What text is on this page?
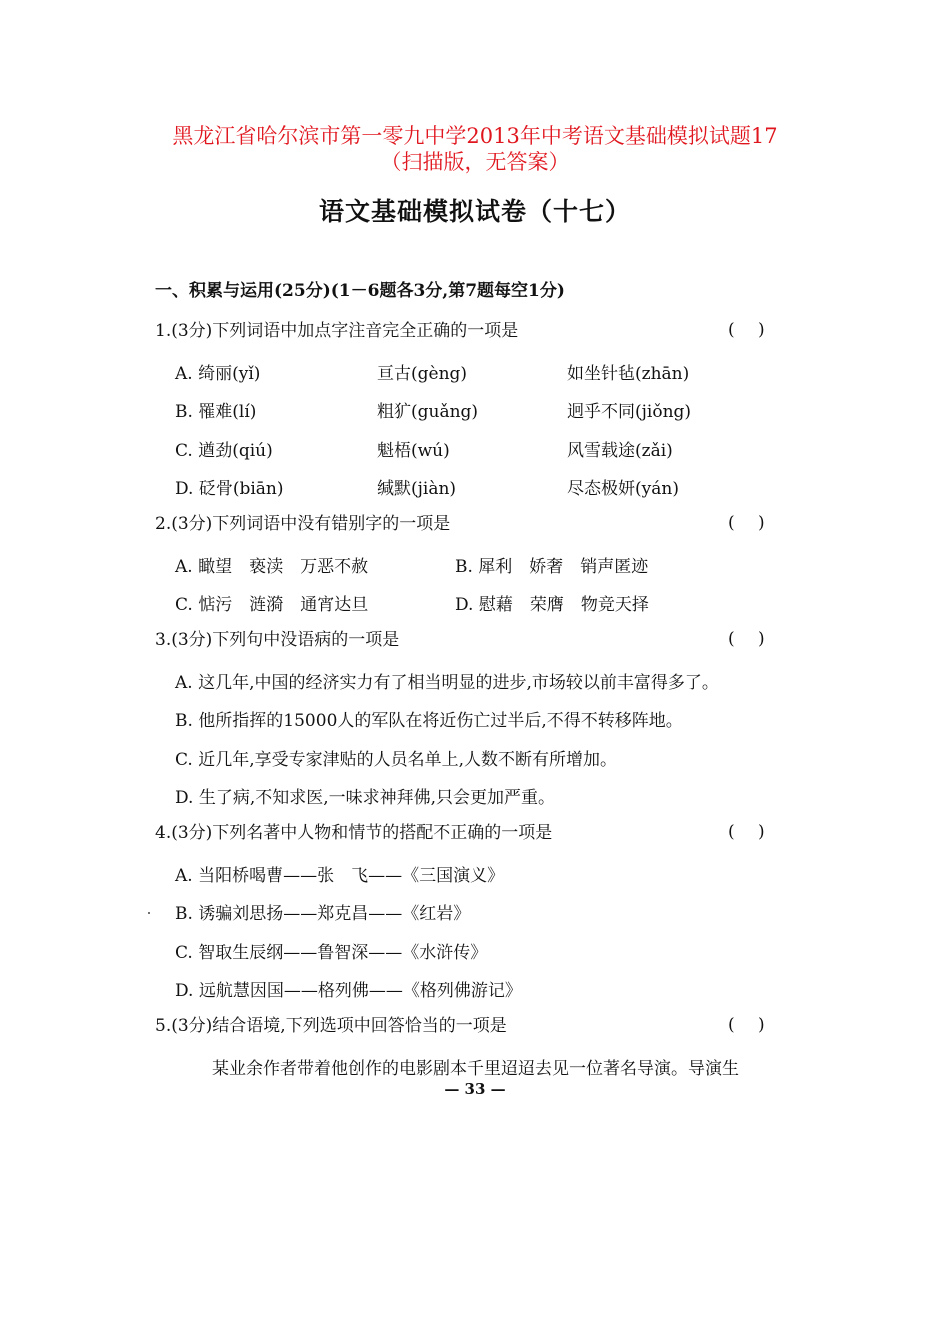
黑龙江省哈尔滨市第一零九中学2013年中考语文基础模拟试题17
（扫描版，无答案）
语文基础模拟试卷（十七）
一、积累与运用(25分)(1－6题各3分,第7题每空1分)
1.(3分)下列词语中加点字注音完全正确的一项是	( )
A. 绮丽(yǐ)	亘古(gèng)	如坐针毡(zhān)
B. 罹难(lí)	粗犷(guǎng)	迥乎不同(jiǒng)
C. 遒劲(qiú)	魁梧(wú)	风雪载途(zǎi)
D. 砭骨(biān)	缄默(jiàn)	尽态极妍(yán)
2.(3分)下列词语中没有错别字的一项是	( )
A. 瞰望　亵渎　万恶不赦	B. 犀利　娇奢　销声匿迹
C. 惦污　涟漪　通宵达旦	D. 慰藉　荣膺　物竞天择
3.(3分)下列句中没语病的一项是	( )
A. 这几年,中国的经济实力有了相当明显的进步,市场较以前丰富得多了。
B. 他所指挥的15000人的军队在将近伤亡过半后,不得不转移阵地。
C. 近几年,享受专家津贴的人员名单上,人数不断有所增加。
D. 生了病,不知求医,一味求神拜佛,只会更加严重。
4.(3分)下列名著中人物和情节的搭配不正确的一项是	( )
A. 当阳桥喝曹——张　飞——《三国演义》
B. 诱骗刘思扬——郑克昌——《红岩》
C. 智取生辰纲——鲁智深——《水浒传》
D. 远航慧因国——格列佛——《格列佛游记》
5.(3分)结合语境,下列选项中回答恰当的一项是	( )
某业余作者带着他创作的电影剧本千里迢迢去见一位著名导演。导演生
— 33 —
